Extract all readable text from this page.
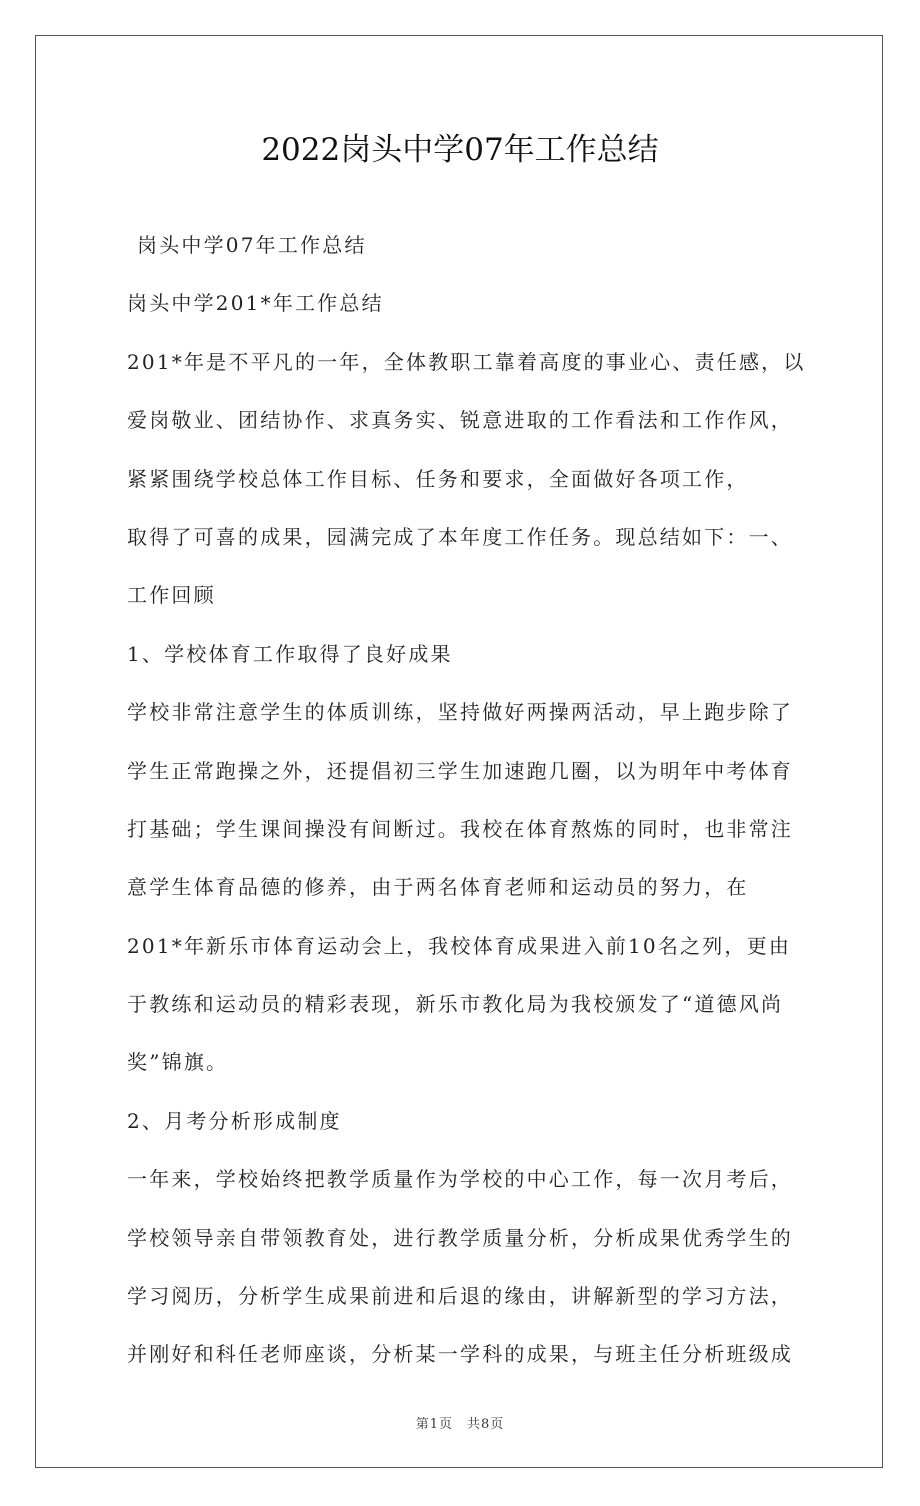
2022岗头中学07年工作总结
岗头中学07年工作总结
岗头中学201*年工作总结
201*年是不平凡的一年，全体教职工靠着高度的事业心、责任感，以
爱岗敬业、团结协作、求真务实、锐意进取的工作看法和工作作风，
紧紧围绕学校总体工作目标、任务和要求，全面做好各项工作，
取得了可喜的成果，园满完成了本年度工作任务。现总结如下：一、
工作回顾
1、学校体育工作取得了良好成果
学校非常注意学生的体质训练，坚持做好两操两活动，早上跑步除了
学生正常跑操之外，还提倡初三学生加速跑几圈，以为明年中考体育
打基础；学生课间操没有间断过。我校在体育熬炼的同时，也非常注
意学生体育品德的修养，由于两名体育老师和运动员的努力，在
201*年新乐市体育运动会上，我校体育成果进入前10名之列，更由
于教练和运动员的精彩表现，新乐市教化局为我校颁发了“道德风尚
奖”锦旗。
2、月考分析形成制度
一年来，学校始终把教学质量作为学校的中心工作，每一次月考后，
学校领导亲自带领教育处，进行教学质量分析，分析成果优秀学生的
学习阅历，分析学生成果前进和后退的缘由，讲解新型的学习方法，
并刚好和科任老师座谈，分析某一学科的成果，与班主任分析班级成
第1页 共8页
